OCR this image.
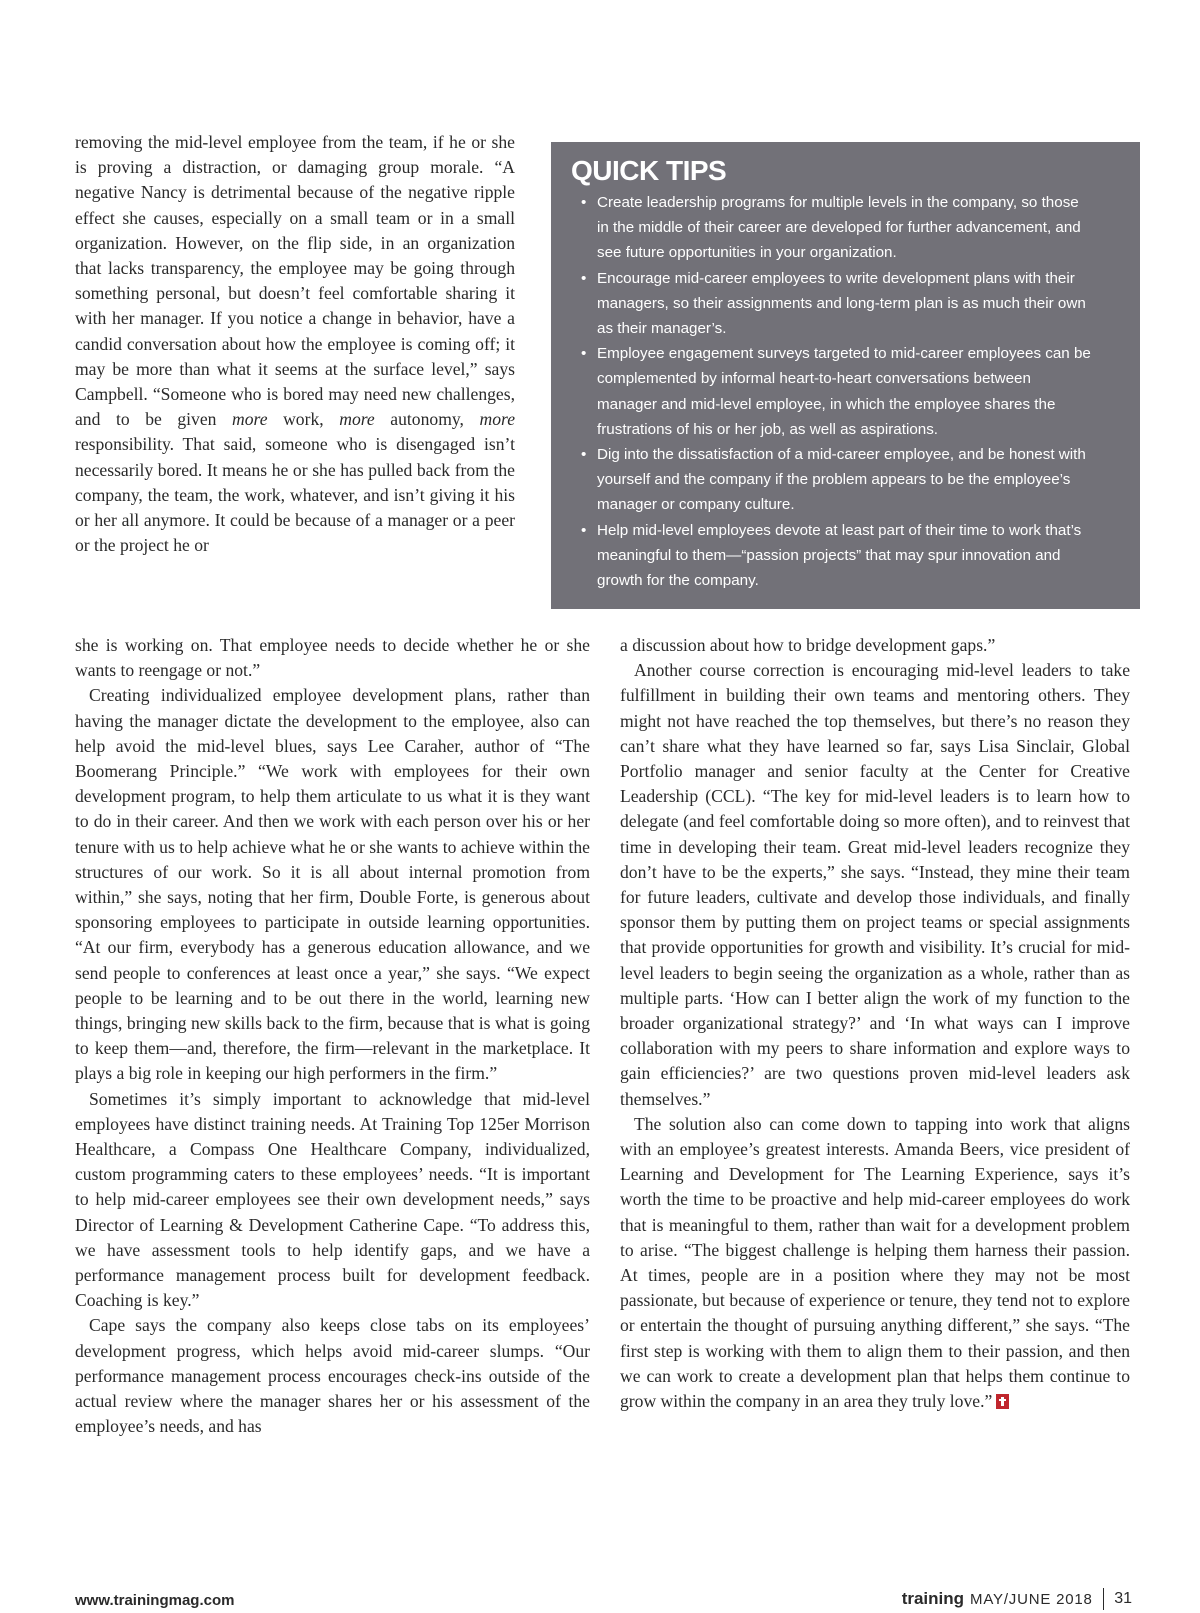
removing the mid-level employee from the team, if he or she is proving a distraction, or damaging group morale. “A negative Nancy is detrimental because of the negative ripple effect she causes, especially on a small team or in a small organization. However, on the flip side, in an organization that lacks transparency, the employee may be going through something personal, but doesn’t feel comfortable sharing it with her manager. If you notice a change in behavior, have a candid conversation about how the employee is coming off; it may be more than what it seems at the surface level,” says Campbell. “Someone who is bored may need new challenges, and to be given more work, more autonomy, more responsibility. That said, someone who is disengaged isn’t necessarily bored. It means he or she has pulled back from the company, the team, the work, whatever, and isn’t giving it his or her all anymore. It could be because of a manager or a peer or the project he or

QUICK TIPS
• Create leadership programs for multiple levels in the company, so those in the middle of their career are developed for further advancement, and see future opportunities in your organization.
• Encourage mid-career employees to write development plans with their managers, so their assignments and long-term plan is as much their own as their manager’s.
• Employee engagement surveys targeted to mid-career employees can be complemented by informal heart-to-heart conversations between manager and mid-level employee, in which the employee shares the frustrations of his or her job, as well as aspirations.
• Dig into the dissatisfaction of a mid-career employee, and be honest with yourself and the company if the problem appears to be the employee’s manager or company culture.
• Help mid-level employees devote at least part of their time to work that’s meaningful to them—“passion projects” that may spur innovation and growth for the company.

she is working on. That employee needs to decide whether he or she wants to reengage or not.”

Creating individualized employee development plans, rather than having the manager dictate the development to the employee, also can help avoid the mid-level blues, says Lee Caraher, author of “The Boomerang Principle.” “We work with employees for their own development program, to help them articulate to us what it is they want to do in their career. And then we work with each person over his or her tenure with us to help achieve what he or she wants to achieve within the structures of our work. So it is all about internal promotion from within,” she says, noting that her firm, Double Forte, is generous about sponsoring employees to participate in outside learning opportunities. “At our firm, everybody has a generous education allowance, and we send people to conferences at least once a year,” she says. “We expect people to be learning and to be out there in the world, learning new things, bringing new skills back to the firm, because that is what is going to keep them—and, therefore, the firm—relevant in the marketplace. It plays a big role in keeping our high performers in the firm.”

Sometimes it’s simply important to acknowledge that mid-level employees have distinct training needs. At Training Top 125er Morrison Healthcare, a Compass One Healthcare Company, individualized, custom programming caters to these employees’ needs. “It is important to help mid-career employees see their own development needs,” says Director of Learning & Development Catherine Cape. “To address this, we have assessment tools to help identify gaps, and we have a performance management process built for development feedback. Coaching is key.”

Cape says the company also keeps close tabs on its employees’ development progress, which helps avoid mid-career slumps. “Our performance management process encourages check-ins outside of the actual review where the manager shares her or his assessment of the employee’s needs, and has

a discussion about how to bridge development gaps.”

Another course correction is encouraging mid-level leaders to take fulfillment in building their own teams and mentoring others. They might not have reached the top themselves, but there’s no reason they can’t share what they have learned so far, says Lisa Sinclair, Global Portfolio manager and senior faculty at the Center for Creative Leadership (CCL). “The key for mid-level leaders is to learn how to delegate (and feel comfortable doing so more often), and to reinvest that time in developing their team. Great mid-level leaders recognize they don’t have to be the experts,” she says. “Instead, they mine their team for future leaders, cultivate and develop those individuals, and finally sponsor them by putting them on project teams or special assignments that provide opportunities for growth and visibility. It’s crucial for mid-level leaders to begin seeing the organization as a whole, rather than as multiple parts. ‘How can I better align the work of my function to the broader organizational strategy?’ and ‘In what ways can I improve collaboration with my peers to share information and explore ways to gain efficiencies?’ are two questions proven mid-level leaders ask themselves.”

The solution also can come down to tapping into work that aligns with an employee’s greatest interests. Amanda Beers, vice president of Learning and Development for The Learning Experience, says it’s worth the time to be proactive and help mid-career employees do work that is meaningful to them, rather than wait for a development problem to arise. “The biggest challenge is helping them harness their passion. At times, people are in a position where they may not be most passionate, but because of experience or tenure, they tend not to explore or entertain the thought of pursuing anything different,” she says. “The first step is working with them to align them to their passion, and then we can work to create a development plan that helps them continue to grow within the company in an area they truly love.”

www.trainingmag.com	training MAY/JUNE 2018 31
